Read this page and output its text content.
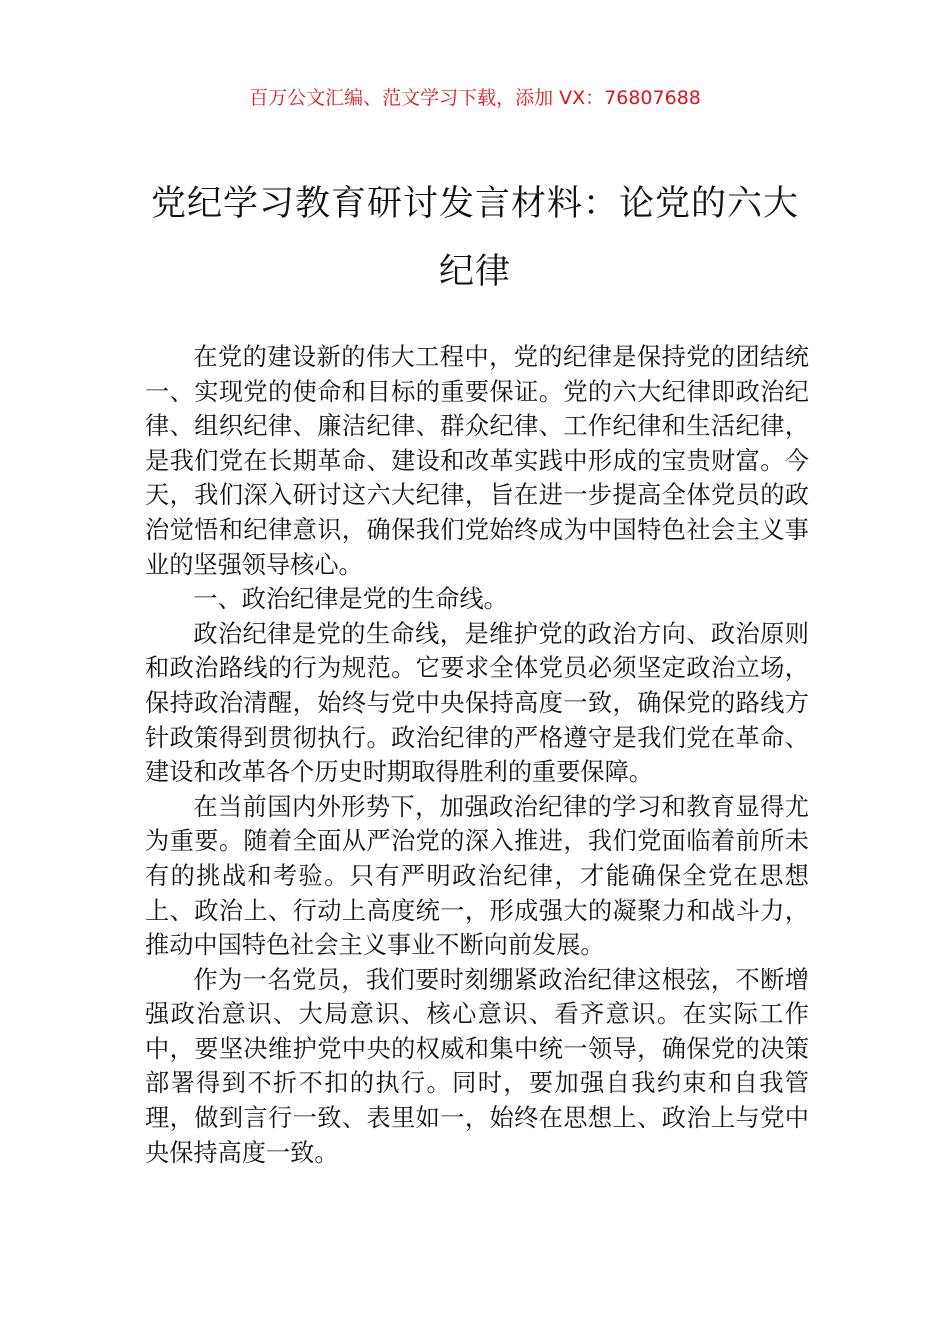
百万公文汇编、范文学习下载，添加 VX：76807688
党纪学习教育研讨发言材料：论党的六大纪律

在党的建设新的伟大工程中，党的纪律是保持党的团结统一、实现党的使命和目标的重要保证。党的六大纪律即政治纪律、组织纪律、廉洁纪律、群众纪律、工作纪律和生活纪律，是我们党在长期革命、建设和改革实践中形成的宝贵财富。今天，我们深入研讨这六大纪律，旨在进一步提高全体党员的政治觉悟和纪律意识，确保我们党始终成为中国特色社会主义事业的坚强领导核心。

一、政治纪律是党的生命线。

政治纪律是党的生命线，是维护党的政治方向、政治原则和政治路线的行为规范。它要求全体党员必须坚定政治立场，保持政治清醒，始终与党中央保持高度一致，确保党的路线方针政策得到贯彻执行。政治纪律的严格遵守是我们党在革命、建设和改革各个历史时期取得胜利的重要保障。

在当前国内外形势下，加强政治纪律的学习和教育显得尤为重要。随着全面从严治党的深入推进，我们党面临着前所未有的挑战和考验。只有严明政治纪律，才能确保全党在思想上、政治上、行动上高度统一，形成强大的凝聚力和战斗力，推动中国特色社会主义事业不断向前发展。

作为一名党员，我们要时刻绷紧政治纪律这根弦，不断增强政治意识、大局意识、核心意识、看齐意识。在实际工作中，要坚决维护党中央的权威和集中统一领导，确保党的决策部署得到不折不扣的执行。同时，要加强自我约束和自我管理，做到言行一致、表里如一，始终在思想上、政治上与党中央保持高度一致。
